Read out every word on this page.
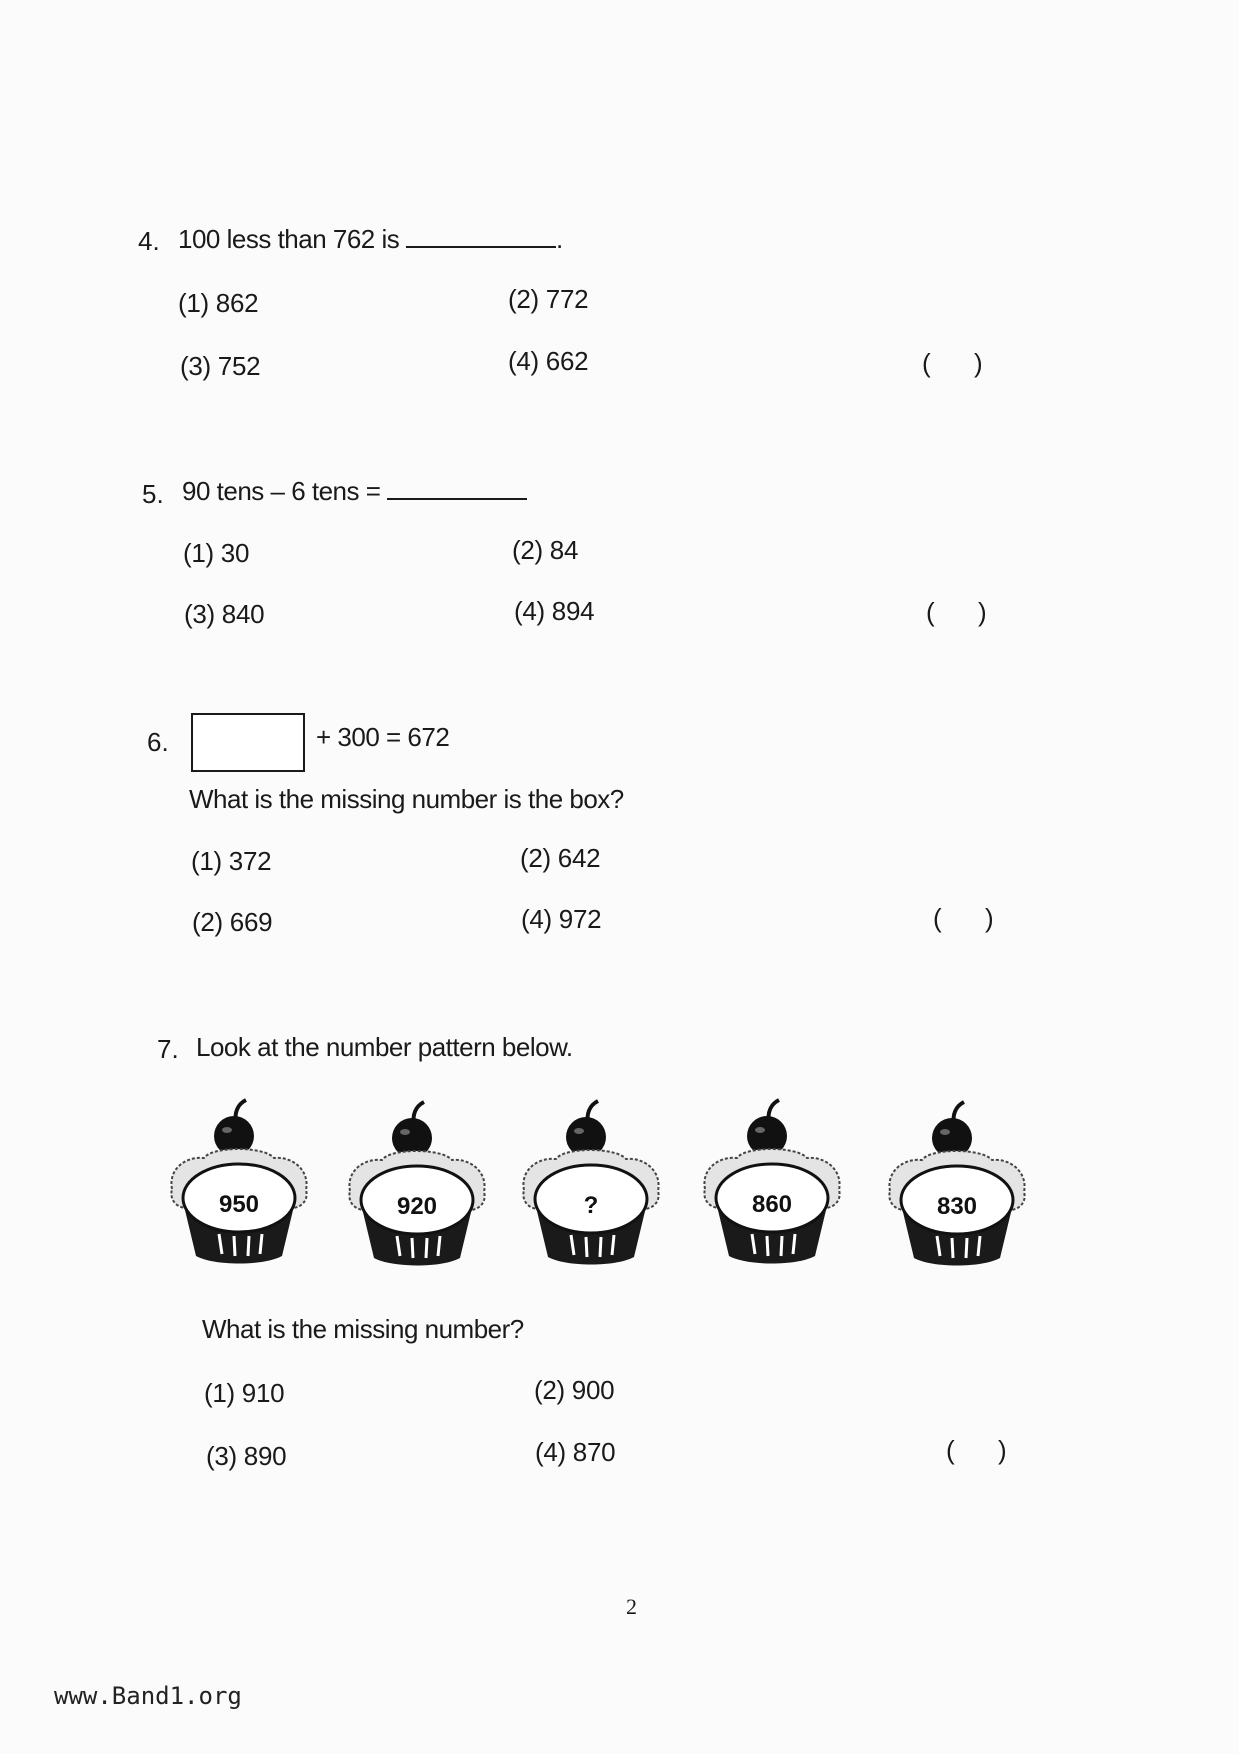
4. 100 less than 762 is	.
(1) 862	(2) 772
(3) 752	(4) 662	(      )
5. 90 tens – 6 tens =
(1) 30	(2) 84
(3) 840	(4) 894	(      )
6.	+ 300 = 672
What is the missing number is the box?
(1) 372	(2) 642
(2) 669	(4) 972	(      )
7. Look at the number pattern below.
950	920	?	860	830
What is the missing number?
(1) 910	(2) 900
(3) 890	(4) 870	(      )
2
www.Band1.org
